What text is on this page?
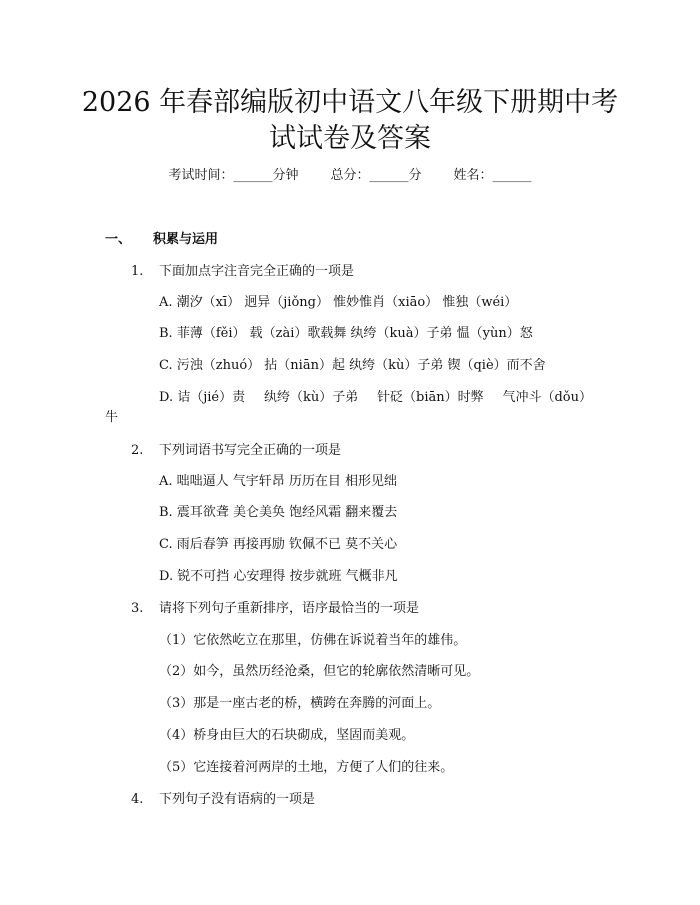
2026 年春部编版初中语文八年级下册期中考
试试卷及答案
考试时间：______分钟 总分：______分 姓名：______
一、 积累与运用
1. 下面加点字注音完全正确的一项是
A. 潮汐（xī） 迥异（jiǒng） 惟妙惟肖（xiāo） 惟独（wéi）
B. 菲薄（fěi） 载（zài）歌载舞 纨绔（kuà）子弟 愠（yùn）怒
C. 污浊（zhuó） 拈（niān）起 纨绔（kù）子弟 锲（qiè）而不舍
D. 诘（jié）责 纨绔（kù）子弟 针砭（biān）时弊 气冲斗（dǒu）
牛
2. 下列词语书写完全正确的一项是
A. 咄咄逼人 气宇轩昂 历历在目 相形见绌
B. 震耳欲聋 美仑美奂 饱经风霜 翻来覆去
C. 雨后春笋 再接再励 钦佩不已 莫不关心
D. 锐不可挡 心安理得 按步就班 气概非凡
3. 请将下列句子重新排序，语序最恰当的一项是
（1）它依然屹立在那里，仿佛在诉说着当年的雄伟。
（2）如今，虽然历经沧桑，但它的轮廓依然清晰可见。
（3）那是一座古老的桥，横跨在奔腾的河面上。
（4）桥身由巨大的石块砌成，坚固而美观。
（5）它连接着河两岸的土地，方便了人们的往来。
4. 下列句子没有语病的一项是
